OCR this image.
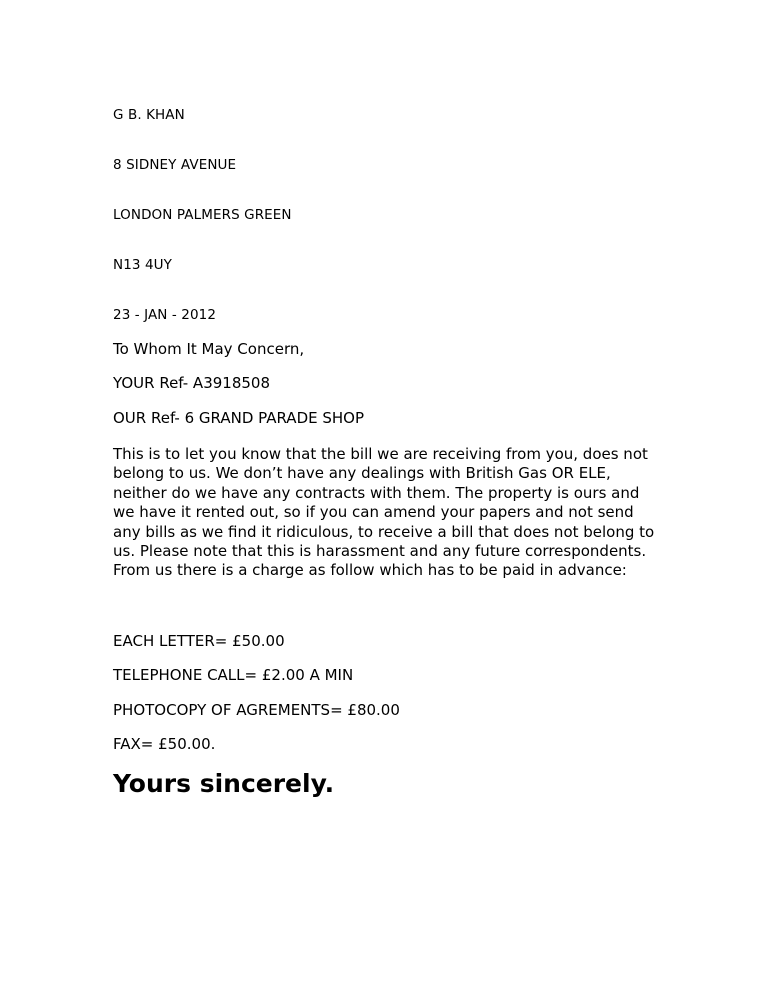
G B. KHAN
8 SIDNEY AVENUE
LONDON PALMERS GREEN
N13 4UY
23 - JAN - 2012
To Whom It May Concern,
YOUR Ref- A3918508
OUR Ref- 6 GRAND PARADE SHOP

This is to let you know that the bill we are receiving from you, does not belong to us. We don’t have any dealings with British Gas OR ELE, neither do we have any contracts with them. The property is ours and we have it rented out, so if you can amend your papers and not send any bills as we find it ridiculous, to receive a bill that does not belong to us. Please note that this is harassment and any future correspondents. From us there is a charge as follow which has to be paid in advance:

EACH LETTER= £50.00
TELEPHONE CALL= £2.00 A MIN
PHOTOCOPY OF AGREMENTS= £80.00
FAX= £50.00.
Yours sincerely.
